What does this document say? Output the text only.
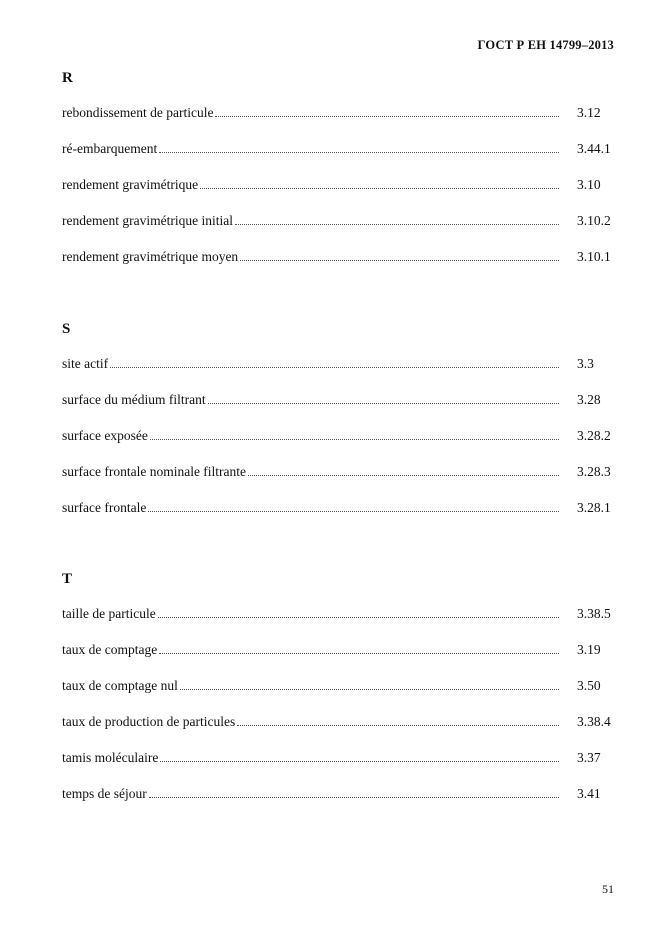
ГОСТ Р ЕН 14799–2013
R
rebondissement de particule	3.12
ré-embarquement	3.44.1
rendement gravimétrique	3.10
rendement gravimétrique initial	3.10.2
rendement gravimétrique moyen	3.10.1
S
site actif	3.3
surface du médium filtrant	3.28
surface exposée	3.28.2
surface frontale nominale filtrante	3.28.3
surface frontale	3.28.1
T
taille de particule	3.38.5
taux de comptage	3.19
taux de comptage nul	3.50
taux de production de particules	3.38.4
tamis moléculaire	3.37
temps de séjour	3.41
51
